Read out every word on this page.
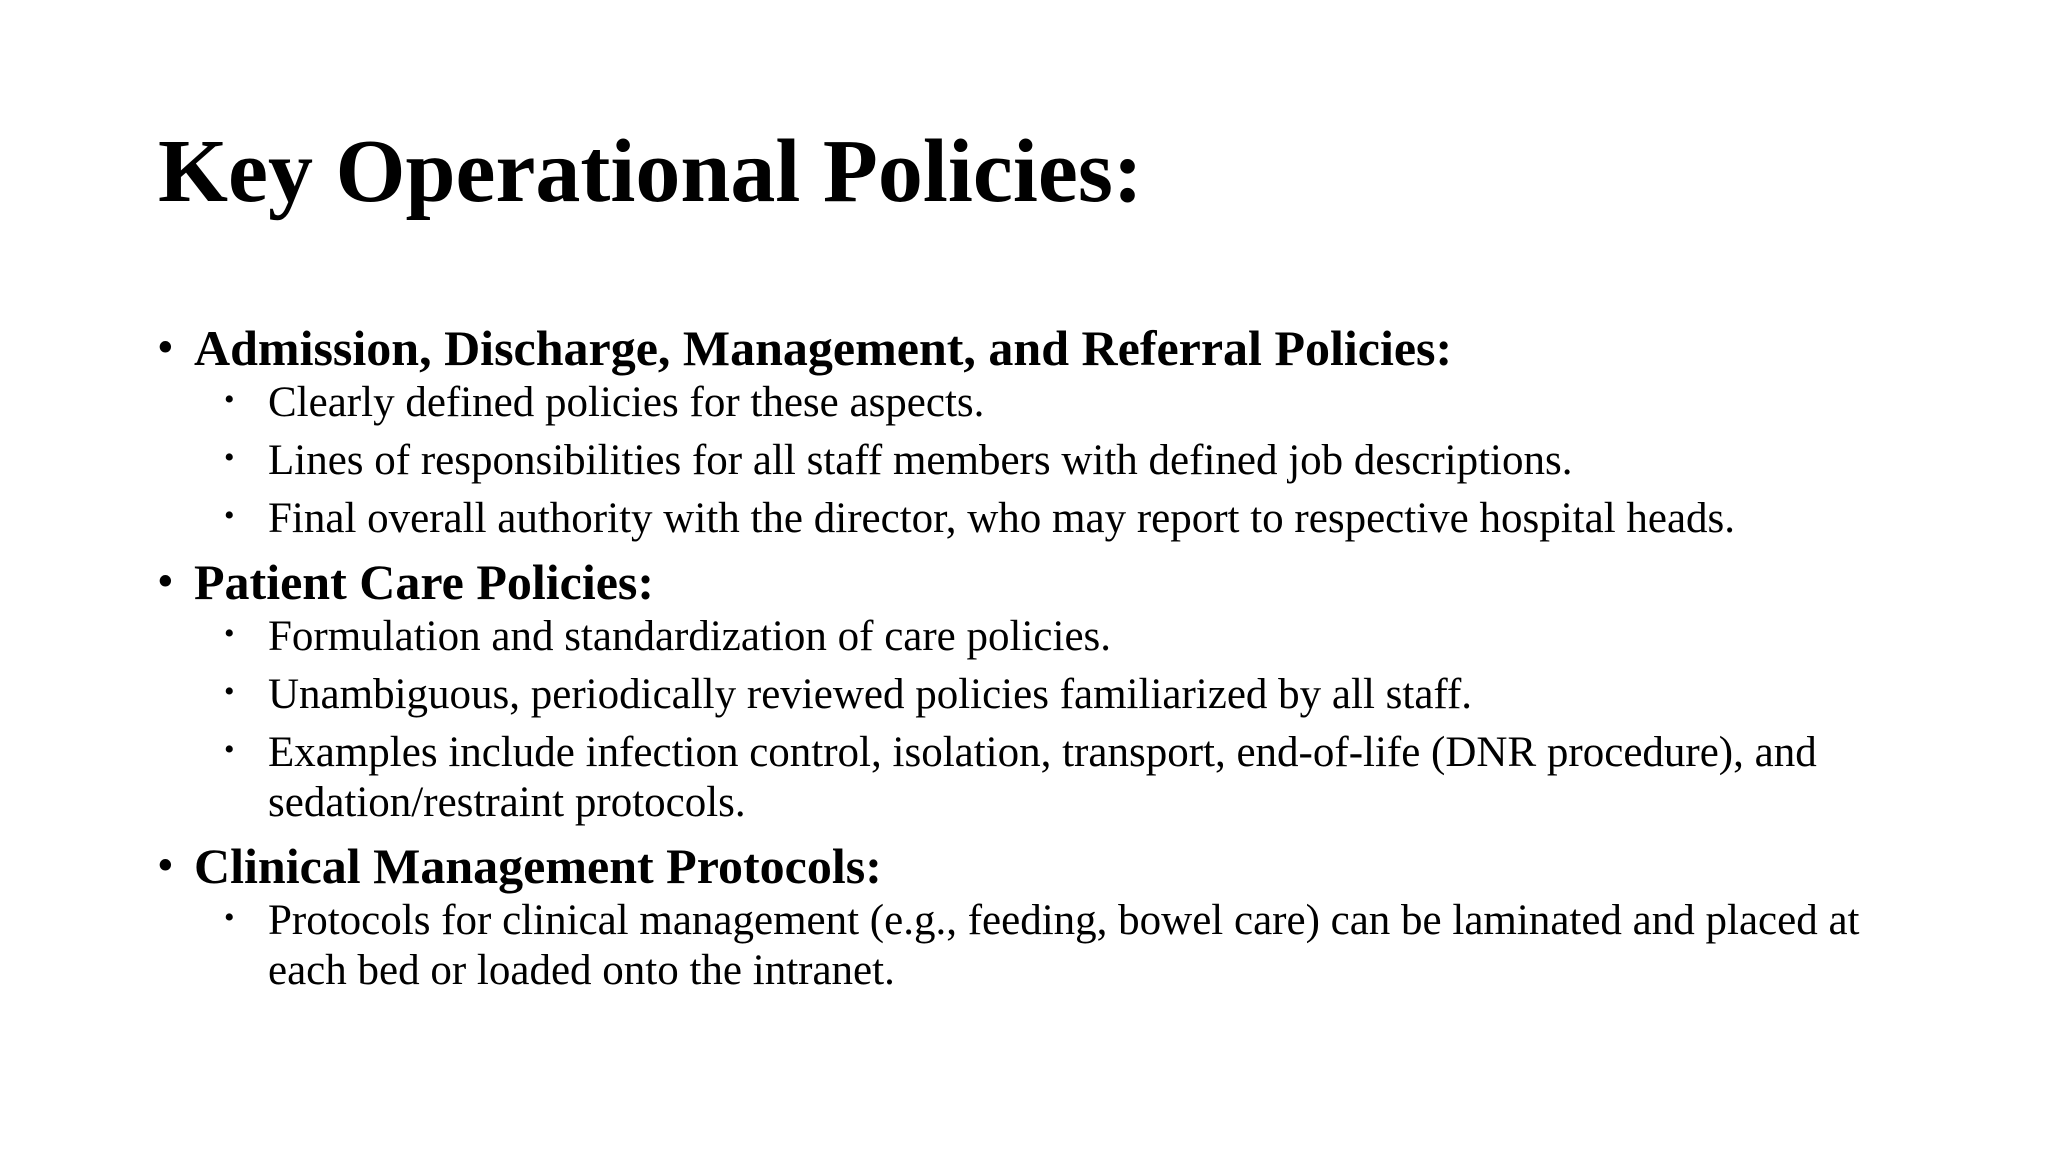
Key Operational Policies:
• Admission, Discharge, Management, and Referral Policies:
• Clearly defined policies for these aspects.
• Lines of responsibilities for all staff members with defined job descriptions.
• Final overall authority with the director, who may report to respective hospital heads.
• Patient Care Policies:
• Formulation and standardization of care policies.
• Unambiguous, periodically reviewed policies familiarized by all staff.
• Examples include infection control, isolation, transport, end-of-life (DNR procedure), and sedation/restraint protocols.
• Clinical Management Protocols:
• Protocols for clinical management (e.g., feeding, bowel care) can be laminated and placed at each bed or loaded onto the intranet.
